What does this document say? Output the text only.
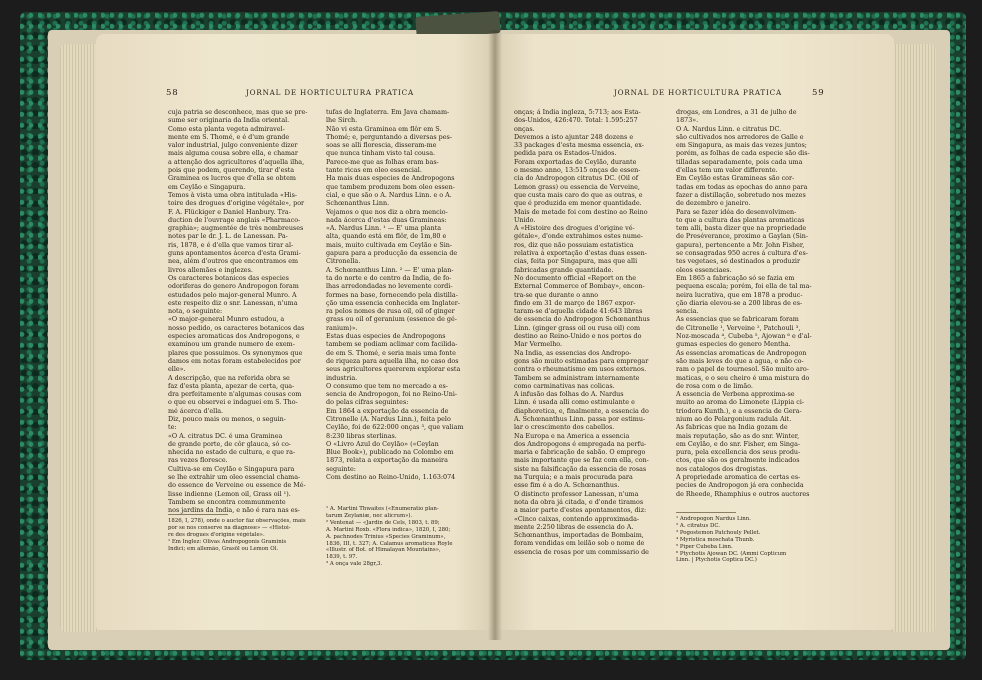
58	JORNAL DE HORTICULTURA PRATICA
cuja patria se desconhece, mas que se pre-
sume ser originaria da India oriental.
Como esta planta vegeta admiravel-
mente em S. Thomé, e é d'um grande
valor industrial, julgo conveniente dizer
mais alguma cousa sobre ella, e chamar
a attenção dos agricultores d'aquella ilha,
pois que podem, querendo, tirar d'esta
Graminea os lucros que d'ella se obtem
em Ceylão e Singapura.
Temos à vista uma obra intitulada «His-
toire des drogues d'origine végétale», por
F. A. Flückiger e Daniel Hanbury. Tra-
duction de l'ouvrage anglais «Pharmaco-
graphia»; augmentée de très nombreuses
notes par le dr. J. L. de Lanessan. Pa-
ris, 1878, e é d'ella que vamos tirar al-
guns apontamentos ácerca d'esta Grami-
nea, além d'outros que encontramos em
livros allemães e inglezes.
Os caracteres botanicos das especies
odoriferas do genero Andropogon foram
estudados pelo major-general Munro. A
este respeito diz o snr. Lanessan, n'uma
nota, o seguinte:
«O major-general Munro estudou, a
nosso pedido, os caracteres botanicos das
especies aromaticas dos Andropogons, e
examinou um grande numero de exem-
plares que possuimos. Os synonymos que
damos em notas foram estabelecidos por
elle».
A descripção, que na referida obra se
faz d'esta planta, apezar de certa, qua-
dra perfeitamente n'algumas cousas com
o que eu observei e indaguei em S. Tho-
mé ácerca d'ella.
Diz, pouco mais ou menos, o seguin-
te:
«O A. citratus DC. é uma Graminea
de grande porte, de côr glauca, só co-
nhecida no estado de cultura, e que ra-
ras vezes floresce.
Cultiva-se em Ceylão e Singapura para
se lhe extrahir um oleo essencial chama-
do essence de Verveine ou essence de Mé-
lisse indienne (Lemon oil, Grass oil ¹).
Tambem se encontra communmente
nos jardins da India, e não é rara nas es-
tufas de Inglaterra. Em Java chamam-
lhe Sirch.
Não vi esta Graminea em flôr em S.
Thomé; e, perguntando a diversas pes-
soas se alli floresciа, disseram-me
que nunca tinham visto tal cousa.
Parece-me que as folhas eram bas-
tante ricas em oleo essencial.
Ha mais duas especies de Andropogons
que tambem produzem bom oleo essen-
cial, e que são o A. Nardus Linn. e o A.
Schœnanthus Linn.
Vejamos o que nos diz a obra mencio-
nada ácerca d'estas duas Gramineas:
«A. Nardus Linn. ¹ — E' uma planta
alta, quando está em flôr, de 1m,80 e
mais, muito cultivada em Ceylão e Sin-
gapura para a producção da essencia de
Citronella.
A. Schœnanthus Linn. ² — E' uma plan-
ta do norte e do centro da India, de fo-
lhas arredondadas no levemente cordi-
formes na base, fornecendo pela distilla-
ção uma essencia conhecida em Inglater-
ra pelos nomes de rusa oil, oil of ginger
grass ou oil of geranium (essence de gé-
ranium)».
Estas duas especies de Andropogons
tambem se podiam aclimar com facilida-
de em S. Thomé, e seria mais uma fonte
de riqueza para aquella ilha, no caso dos
seus agricultores quererem explorar esta
industria.
O consumo que tem no mercado a es-
sencia de Andropogon, foi no Reino-Uni-
do pelas cifras seguintes:
Em 1864 a exportação da essencia de
Citronelle (A. Nardus Linn.), feita pelo
Ceylão, foi de 622:000 onças ³, que valiam
8:230 libras sterlinas.
O «Livro Azul do Ceylão» («Ceylan
Blue Book»), publicado na Colombo em
1873, relata a exportação da maneira
seguinte:
Com destino ao Reino-Unido, 1.163:074
1826, I, 278), onde o auctor faz observações, mais
por se nos conserve na diagnose» — «Histoi-
re des drogues d'origine végétale».
¹ Em Inglez: Olivas Andropogonis Graminis
Indici; em allemão, Grasöl ou Lemon Öl.
¹ A. Martini Thwaites («Enumeratio plan-
tarum Zeylaniæ, nec alicrum»).
² Ventenat — «Jardin de Cels, 1803, t. 89;
A. Martini Roxb. «Flora indica», 1820, I, 280;
A. pachnodes Trinius «Species Graminum»,
1836, III, t. 327; A. Calamus aromaticus Royle
«Illustr. of Bot. of Himalayan Mountains»,
1839, t. 97.
³ A onça vale 28gr,3.
JORNAL DE HORTICULTURA PRATICA	59
onças; á India ingleza, 5:713; aos Esta-
dos-Unidos, 426:470. Total: 1.595:257
onças.
Devemos a isto ajuntar 248 dozens e
33 packages d'esta mesma essencia, ex-
pedida para os Estados-Unidos.
Foram exportadas de Ceylão, durante
o mesmo anno, 13:515 onças de essen-
cia do Andropogon citratus DC. (Oil of
Lemon grass) ou essencia de Verveine,
que custa mais caro do que as outras, e
que é produzida em menor quantidade.
Mais de metade foi com destino ao Reino
Unido.
A «Histoire des drogues d'origine vé-
gétale», d'onde extrahimos estes nume-
ros, diz que não possuiam estatistica
relativa á exportação d'estas duas essen-
cias, feita por Singapura, mas que alli
fabricadas grande quantidade.
No documento official «Report on the
External Commerce of Bombay», encon-
tra-se que durante o anno
findo em 31 de março de 1867 expor-
taram-se d'aquella cidade 41:643 libras
de essencia do Andropogon Schœnanthus
Linn. (ginger grass oil ou rusa oil) com
destino ao Reino-Unido e nos portos do
Mar Vermelho.
Na India, as essencias dos Andropo-
gons são muito estimadas para empregar
contra o rheumatismo em usos externos.
Tambem se administram internamente
como carminativas nas colicas.
A infusão das folhas do A. Nardus
Linn. é usada alli como estimulante e
diaphoretica, e, finalmente, a essencia do
A. Schœnanthus Linn. passa por estimu-
lar o crescimento dos cabellos.
Na Europa e na America a essencia
dos Andropogons é empregada na perfu-
maria e fabricação de sabão. O emprego
mais importante que se faz com ella, con-
siste na falsificação da essencia de rosas
na Turquia; e a mais procurada para
esse fim é a do A. Schœnanthus.
O distincto professor Lanessan, n'uma
nota da obra já citada, e d'onde tiramos
a maior parte d'estes apontamentos, diz:
«Cinco caixas, contendo approximada-
mente 2:250 libras de essencia do A.
Schœnanthus, importadas de Bombaim,
foram vendidas em leilão sob o nome de
essencia de rosas por um commissario de
drogas, em Londres, a 31 de julho de
1873».
O A. Nardus Linn. e citratus DC.
são cultivados nos arredores de Galle e
em Singapura, as mais das vezes juntos;
porém, as folhas de cada especie são dis-
tilladas separadamente, pois cada uma
d'ellas tem um valor differente.
Em Ceylão estas Gramineas são cor-
tadas em todas as epochas do anno para
fazer a distillação, sobretudo nos mezes
de dezembro e janeiro.
Para se fazer idéa do desenvolvimen-
to que a cultura das plantas aromaticas
tem alli, basta dizer que na propriedade
de Preséverance, proximo a Gaylan (Sin-
gapura), pertencente a Mr. John Fisher,
se consagradas 950 acres á cultura d'es-
tes vegetaes, só destinados a produzir
oleos essenciaes.
Em 1865 a fabricação só se fazia em
pequena escala; porém, foi ella de tal ma-
neira lucrativa, que em 1878 a produc-
ção diaria elevou-se a 200 libras de es-
sencia.
As essencias que se fabricaram foram
de Citronelle ¹, Verveine ², Patchouli ³,
Noz-moscada ⁴, Cubeba ⁵, Ajowan ⁶ e d'al-
gumas especies do genero Mentha.
As essencias aromaticas de Andropogon
são mais leves do que a agua, e não co-
ram o papel de tournesol. São muito aro-
maticas, e o seu cheiro é uma mistura do
de rosa com o de limão.
A essencia de Verbena approxima-se
muito ao aroma do Limonete (Lippia ci-
triodora Kunth.), e a essencia de Gera-
nium ao do Pelargonium radula Ait.
As fabricas que na India gozam de
mais reputação, são as do snr. Winter,
em Ceylão, e do snr. Fisher, em Singa-
pura, pela excellencia dos seus produ-
ctos, que são os geralmente indicados
nos catalogos dos drogistas.
A propriedade aromatica de certas es-
pecies de Andropogon já era conhecida
de Rheede, Rhamphius e outros auctores
¹ Andropogon Nardus Linn.
² A. citratus DC.
³ Pogostemon Patchouly Pellet.
⁴ Myristica moschata Thunb.
⁵ Piper Cubeba Linn.
⁶ Ptychotis Ajowan DC. (Ammi Copticum
Linn. | Ptychotis Coptica DC.)
